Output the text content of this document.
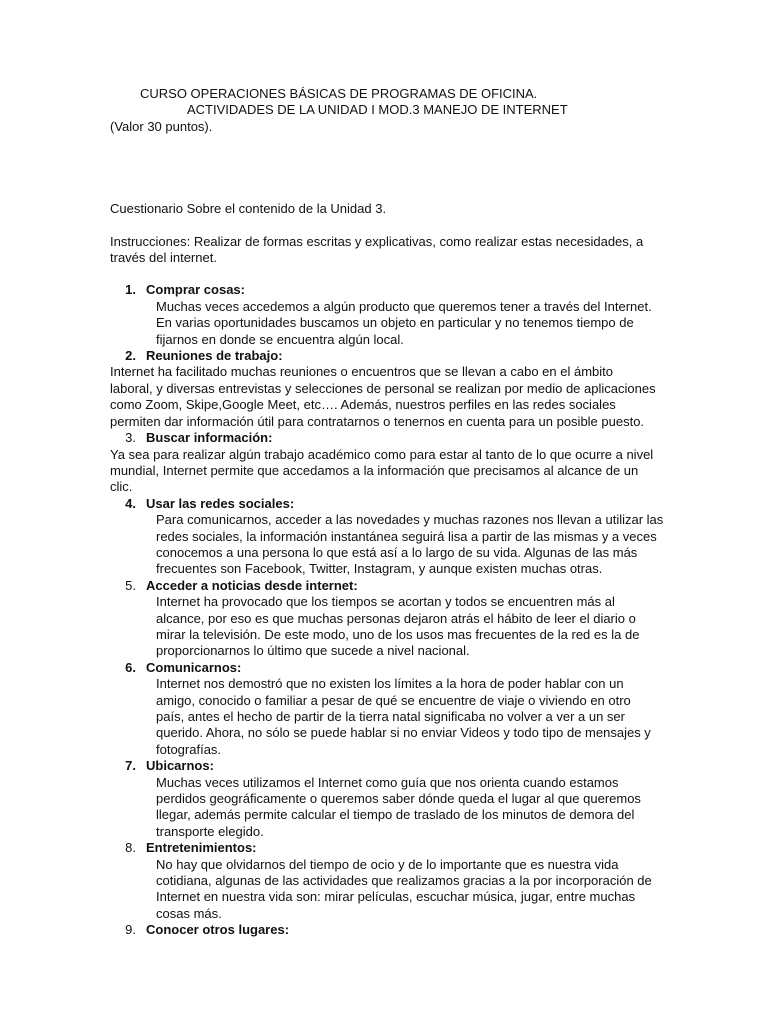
CURSO OPERACIONES BÁSICAS DE PROGRAMAS DE OFICINA.
ACTIVIDADES DE LA UNIDAD I MOD.3 MANEJO DE INTERNET
(Valor 30 puntos).
Cuestionario Sobre el contenido de la Unidad 3.
Instrucciones: Realizar de formas escritas y explicativas, como realizar estas necesidades, a
través del internet.
1. Comprar cosas:
Muchas veces accedemos a algún producto que queremos tener a través del Internet.
En varias oportunidades buscamos un objeto en particular y no tenemos tiempo de
fijarnos en donde se encuentra algún local.
2. Reuniones de trabajo:
Internet ha facilitado muchas reuniones o encuentros que se llevan a cabo en el ámbito
laboral, y diversas entrevistas y selecciones de personal se realizan por medio de aplicaciones
como Zoom, Skipe,Google Meet, etc…. Además, nuestros perfiles en las redes sociales
permiten dar información útil para contratarnos o tenernos en cuenta para un posible puesto.
3. Buscar información:
Ya sea para realizar algún trabajo académico como para estar al tanto de lo que ocurre a nivel
mundial, Internet permite que accedamos a la información que precisamos al alcance de un
clic.
4. Usar las redes sociales:
Para comunicarnos, acceder a las novedades y muchas razones nos llevan a utilizar las
redes sociales, la información instantánea seguirá lisa a partir de las mismas y a veces
conocemos a una persona lo que está así a lo largo de su vida. Algunas de las más
frecuentes son Facebook, Twitter, Instagram, y aunque existen muchas otras.
5. Acceder a noticias desde internet:
Internet ha provocado que los tiempos se acortan y todos se encuentren más al
alcance, por eso es que muchas personas dejaron atrás el hábito de leer el diario o
mirar la televisión. De este modo, uno de los usos mas frecuentes de la red es la de
proporcionarnos lo último que sucede a nivel nacional.
6. Comunicarnos:
Internet nos demostró que no existen los límites a la hora de poder hablar con un
amigo, conocido o familiar a pesar de qué se encuentre de viaje o viviendo en otro
país, antes el hecho de partir de la tierra natal significaba no volver a ver a un ser
querido. Ahora, no sólo se puede hablar si no enviar Videos y todo tipo de mensajes y
fotografías.
7. Ubicarnos:
Muchas veces utilizamos el Internet como guía que nos orienta cuando estamos
perdidos geográficamente o queremos saber dónde queda el lugar al que queremos
llegar, además permite calcular el tiempo de traslado de los minutos de demora del
transporte elegido.
8. Entretenimientos:
No hay que olvidarnos del tiempo de ocio y de lo importante que es nuestra vida
cotidiana, algunas de las actividades que realizamos gracias a la por incorporación de
Internet en nuestra vida son: mirar películas, escuchar música, jugar, entre muchas
cosas más.
9. Conocer otros lugares:
